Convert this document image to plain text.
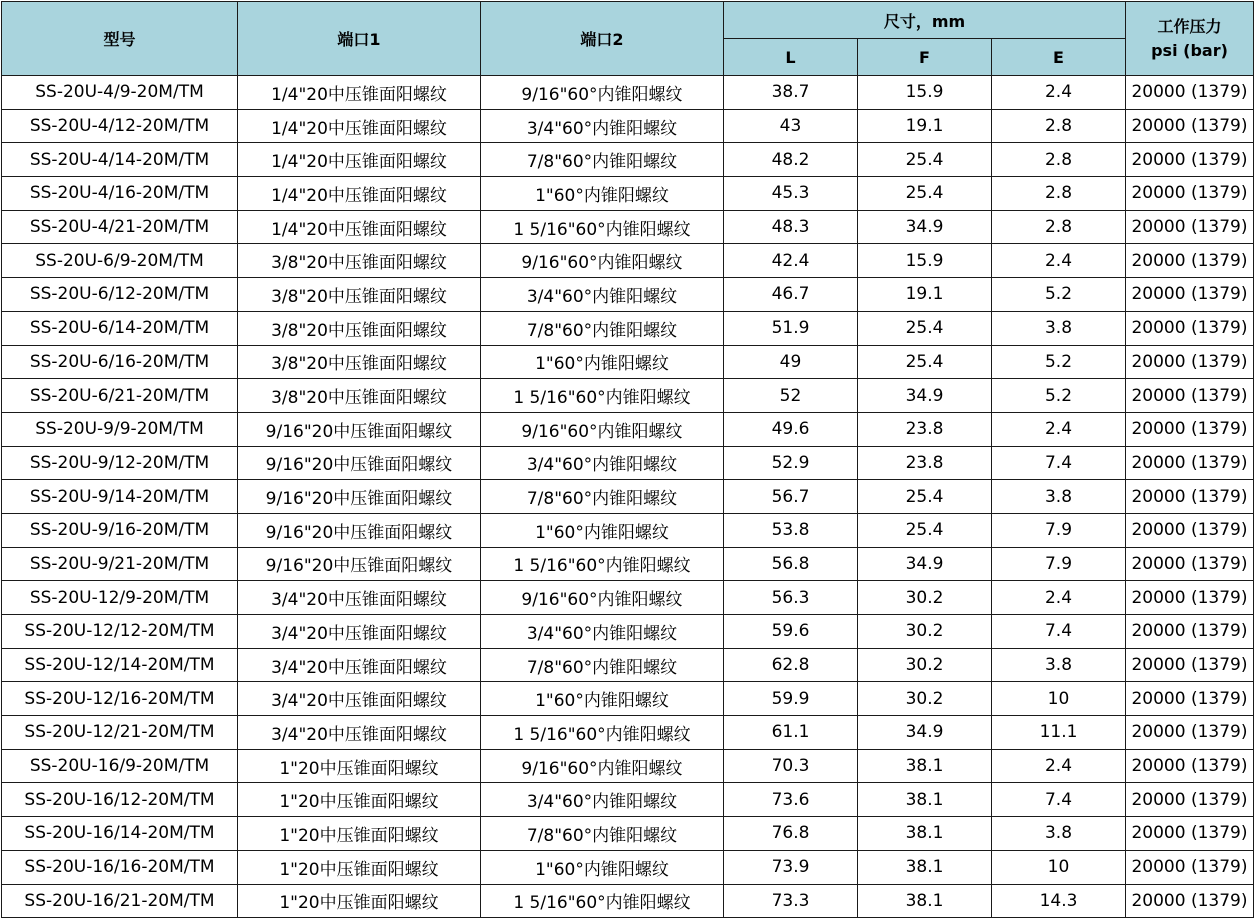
型号	端口1	端口2	尺寸，mm			工作压力
psi (bar)

			L	F	E	
SS-20U-4/9-20M/TM	1/4"20中压锥面阳螺纹	9/16"60°内锥阳螺纹	38.7	15.9	2.4	20000 (1379)
SS-20U-4/12-20M/TM	1/4"20中压锥面阳螺纹	3/4"60°内锥阳螺纹	43	19.1	2.8	20000 (1379)
SS-20U-4/14-20M/TM	1/4"20中压锥面阳螺纹	7/8"60°内锥阳螺纹	48.2	25.4	2.8	20000 (1379)
SS-20U-4/16-20M/TM	1/4"20中压锥面阳螺纹	1"60°内锥阳螺纹	45.3	25.4	2.8	20000 (1379)
SS-20U-4/21-20M/TM	1/4"20中压锥面阳螺纹	1 5/16"60°内锥阳螺纹	48.3	34.9	2.8	20000 (1379)
SS-20U-6/9-20M/TM	3/8"20中压锥面阳螺纹	9/16"60°内锥阳螺纹	42.4	15.9	2.4	20000 (1379)
SS-20U-6/12-20M/TM	3/8"20中压锥面阳螺纹	3/4"60°内锥阳螺纹	46.7	19.1	5.2	20000 (1379)
SS-20U-6/14-20M/TM	3/8"20中压锥面阳螺纹	7/8"60°内锥阳螺纹	51.9	25.4	3.8	20000 (1379)
SS-20U-6/16-20M/TM	3/8"20中压锥面阳螺纹	1"60°内锥阳螺纹	49	25.4	5.2	20000 (1379)
SS-20U-6/21-20M/TM	3/8"20中压锥面阳螺纹	1 5/16"60°内锥阳螺纹	52	34.9	5.2	20000 (1379)
SS-20U-9/9-20M/TM	9/16"20中压锥面阳螺纹	9/16"60°内锥阳螺纹	49.6	23.8	2.4	20000 (1379)
SS-20U-9/12-20M/TM	9/16"20中压锥面阳螺纹	3/4"60°内锥阳螺纹	52.9	23.8	7.4	20000 (1379)
SS-20U-9/14-20M/TM	9/16"20中压锥面阳螺纹	7/8"60°内锥阳螺纹	56.7	25.4	3.8	20000 (1379)
SS-20U-9/16-20M/TM	9/16"20中压锥面阳螺纹	1"60°内锥阳螺纹	53.8	25.4	7.9	20000 (1379)
SS-20U-9/21-20M/TM	9/16"20中压锥面阳螺纹	1 5/16"60°内锥阳螺纹	56.8	34.9	7.9	20000 (1379)
SS-20U-12/9-20M/TM	3/4"20中压锥面阳螺纹	9/16"60°内锥阳螺纹	56.3	30.2	2.4	20000 (1379)
SS-20U-12/12-20M/TM	3/4"20中压锥面阳螺纹	3/4"60°内锥阳螺纹	59.6	30.2	7.4	20000 (1379)
SS-20U-12/14-20M/TM	3/4"20中压锥面阳螺纹	7/8"60°内锥阳螺纹	62.8	30.2	3.8	20000 (1379)
SS-20U-12/16-20M/TM	3/4"20中压锥面阳螺纹	1"60°内锥阳螺纹	59.9	30.2	10	20000 (1379)
SS-20U-12/21-20M/TM	3/4"20中压锥面阳螺纹	1 5/16"60°内锥阳螺纹	61.1	34.9	11.1	20000 (1379)
SS-20U-16/9-20M/TM	1"20中压锥面阳螺纹	9/16"60°内锥阳螺纹	70.3	38.1	2.4	20000 (1379)
SS-20U-16/12-20M/TM	1"20中压锥面阳螺纹	3/4"60°内锥阳螺纹	73.6	38.1	7.4	20000 (1379)
SS-20U-16/14-20M/TM	1"20中压锥面阳螺纹	7/8"60°内锥阳螺纹	76.8	38.1	3.8	20000 (1379)
SS-20U-16/16-20M/TM	1"20中压锥面阳螺纹	1"60°内锥阳螺纹	73.9	38.1	10	20000 (1379)
SS-20U-16/21-20M/TM	1"20中压锥面阳螺纹	1 5/16"60°内锥阳螺纹	73.3	38.1	14.3	20000 (1379)
